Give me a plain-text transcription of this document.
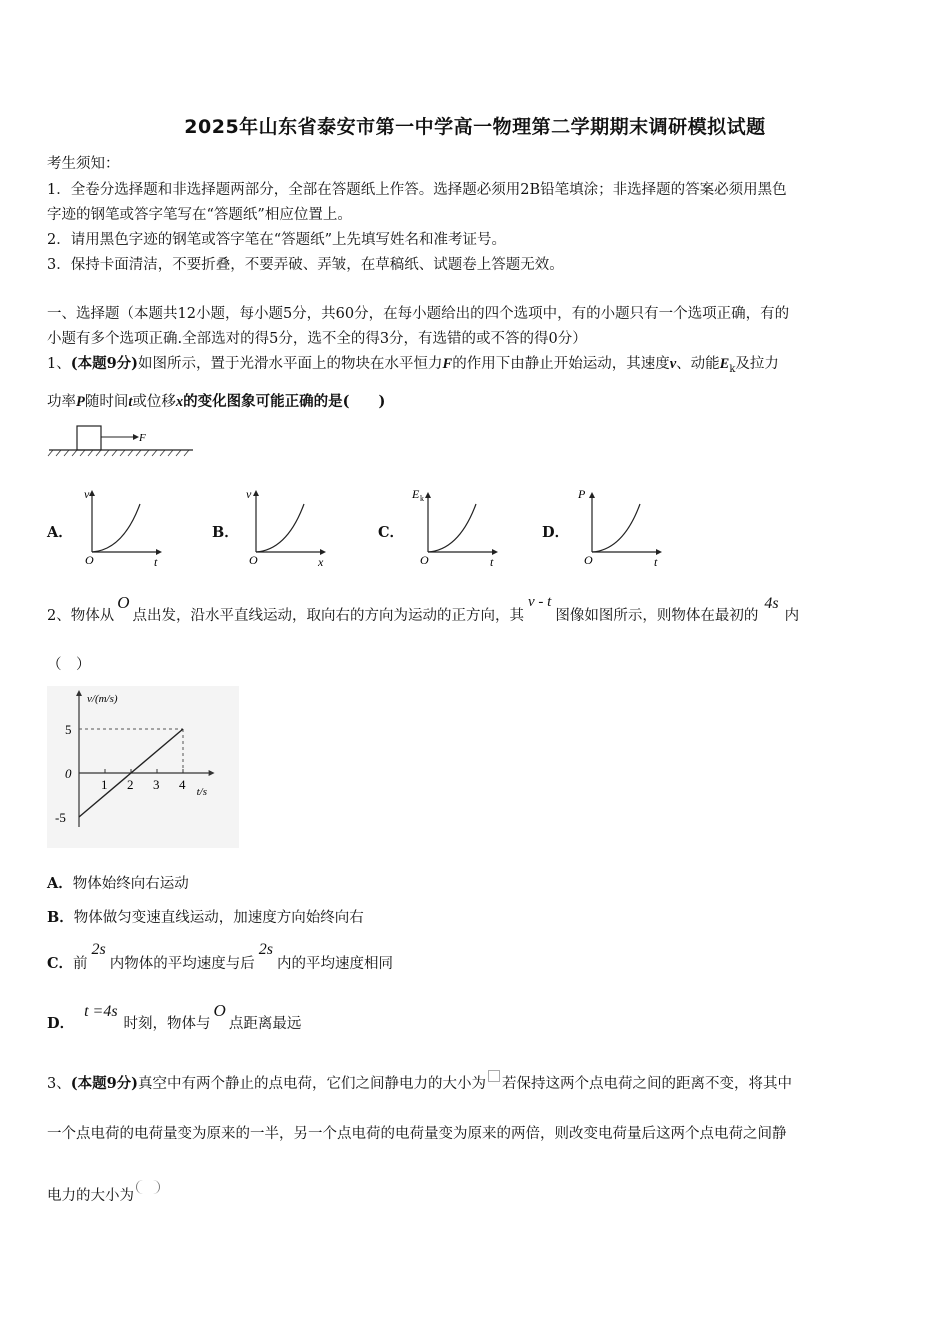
2025年山东省泰安市第一中学高一物理第二学期期末调研模拟试题
考生须知：
1．全卷分选择题和非选择题两部分，全部在答题纸上作答。选择题必须用2B铅笔填涂；非选择题的答案必须用黑色
字迹的钢笔或答字笔写在“答题纸”相应位置上。
2．请用黑色字迹的钢笔或答字笔在“答题纸”上先填写姓名和准考证号。
3．保持卡面清洁，不要折叠，不要弄破、弄皱，在草稿纸、试题卷上答题无效。
一、选择题（本题共12小题，每小题5分，共60分，在每小题给出的四个选项中，有的小题只有一个选项正确，有的
小题有多个选项正确.全部选对的得5分，选不全的得3分，有选错的或不答的得0分）
1、(本题9分)如图所示，置于光滑水平面上的物块在水平恒力F的作用下由静止开始运动，其速度v、动能$E_k$及拉力
功率P随时间t或位移x的变化图象可能正确的是(　　)
F
A．
O	t
v
B．
O	x
v
C．
O	t
E k
D．
O	t
P
2、物体从O点出发，沿水平直线运动，取向右的方向为运动的正方向，其v - t图像如图所示，则物体在最初的4s内
（　）
1 2 3 4
5
0
-5
t/s
v/(m/s)
A．物体始终向右运动
B．物体做匀变速直线运动，加速度方向始终向右
C．前2s内物体的平均速度与后2s内的平均速度相同
D．t =4s时刻，物体与O点距离最远
3、(本题9分)真空中有两个静止的点电荷，它们之间静电力的大小为 若保持这两个点电荷之间的距离不变，将其中
一个点电荷的电荷量变为原来的一半，另一个点电荷的电荷量变为原来的两倍，则改变电荷量后这两个点电荷之间静
电力的大小为
